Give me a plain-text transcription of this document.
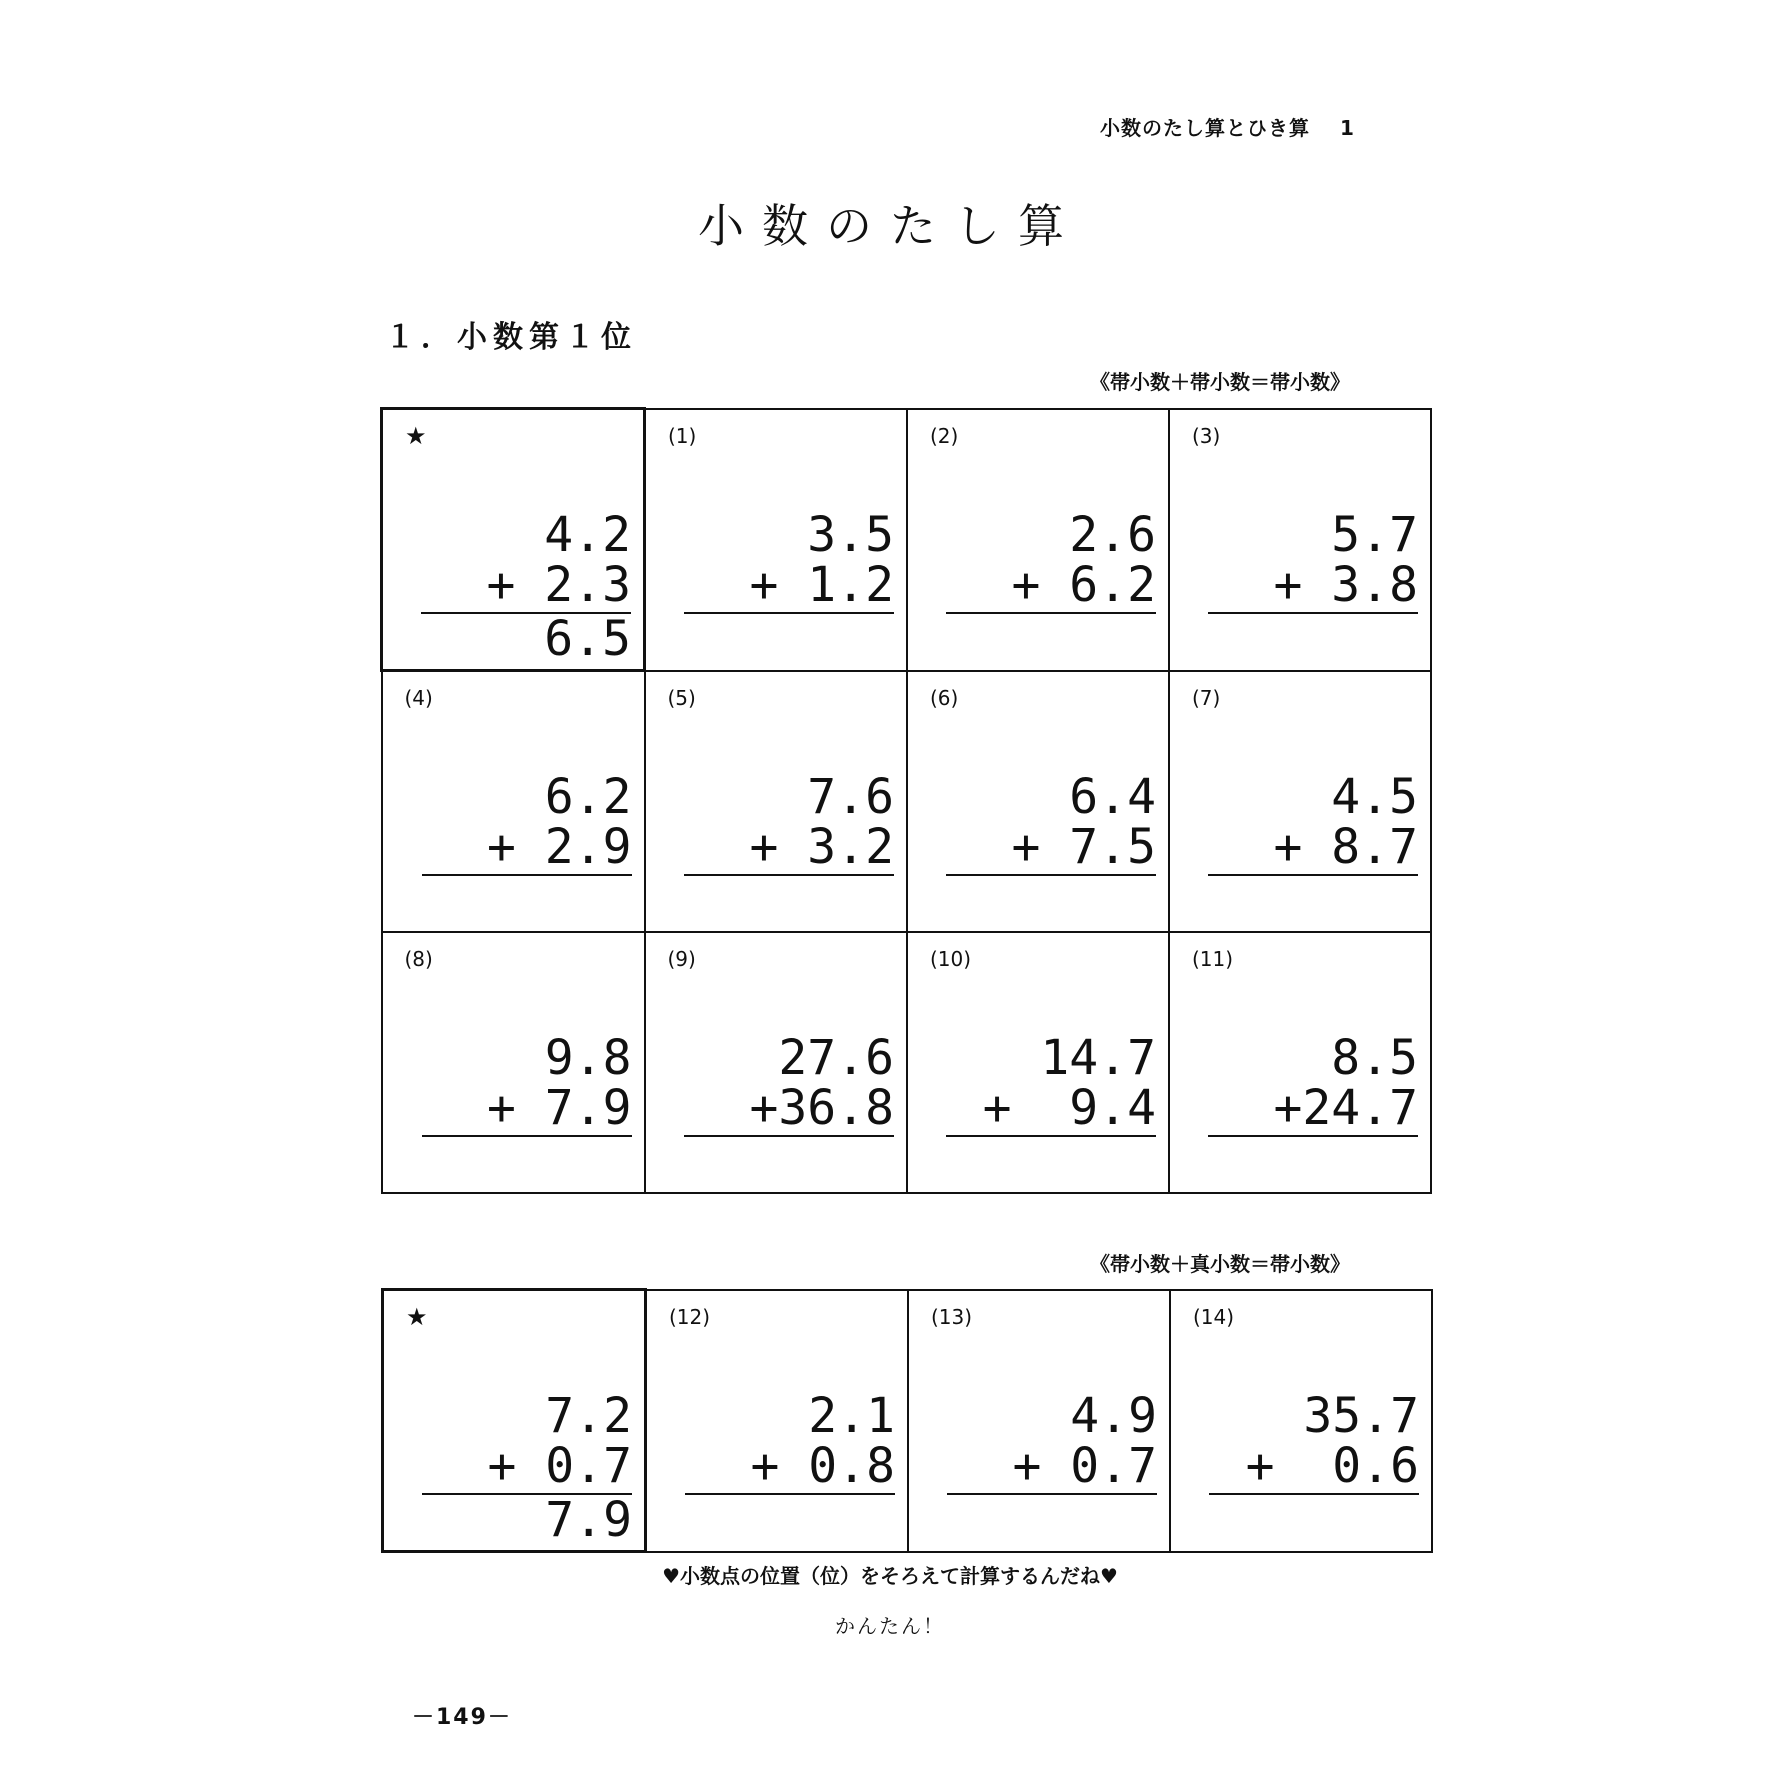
小数のたし算とひき算 1
小数のたし算
１．小数第１位
《帯小数＋帯小数＝帯小数》
★
4.2
+ 2.3
6.5	(1)
3.5
+ 1.2	(2)
2.6
+ 6.2	(3)
5.7
+ 3.8

(4)
6.2
+ 2.9	(5)
7.6
+ 3.2	(6)
6.4
+ 7.5	(7)
4.5
+ 8.7

(8)
9.8
+ 7.9	(9)
27.6
+36.8	(10)
14.7
+  9.4	(11)
8.5
+24.7
《帯小数＋真小数＝帯小数》
★
7.2
+ 0.7
7.9

(12)
2.1
+ 0.8

(13)
4.9
+ 0.7

(14)
35.7
+  0.6
♥小数点の位置（位）をそろえて計算するんだね♥
かんたん！
－149－
